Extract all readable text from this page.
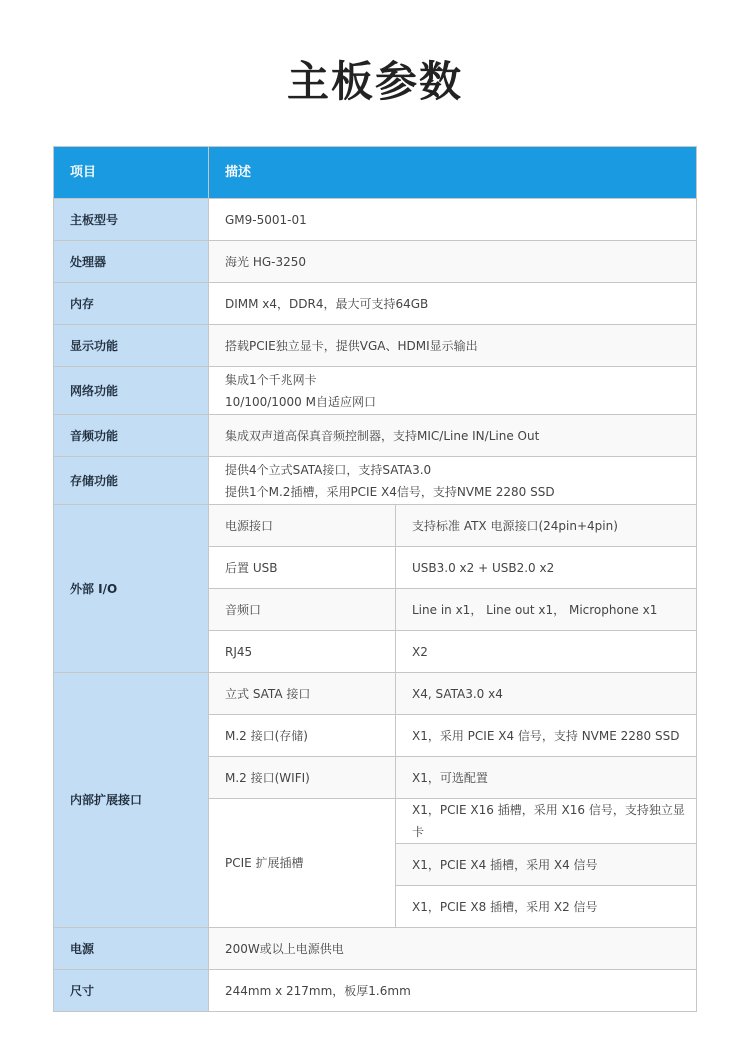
主板参数
项目	描述	
主板型号	GM9-5001-01	
处理器	海光 HG-3250	
内存	DIMM x4，DDR4，最大可支持64GB	
显示功能	搭载PCIE独立显卡，提供VGA、HDMI显示输出	
网络功能	集成1个千兆网卡
10/100/1000 M自适应网口	

音频功能	集成双声道高保真音频控制器，支持MIC/Line IN/Line Out	
存储功能	提供4个立式SATA接口，支持SATA3.0
提供1个M.2插槽，采用PCIE X4信号，支持NVME 2280 SSD	

外部 I/O	电源接口	支持标准 ATX 电源接口(24pin+4pin)
	后置 USB	USB3.0 x2 + USB2.0 x2
	音频口	Line in x1， Line out x1， Microphone x1
	RJ45	X2
内部扩展接口	立式 SATA 接口	X4, SATA3.0 x4
	M.2 接口(存储)	X1，采用 PCIE X4 信号，支持 NVME 2280 SSD
	M.2 接口(WIFI)	X1，可选配置
	PCIE 扩展插槽	X1，PCIE X16 插槽，采用 X16 信号，支持独立显卡
		X1，PCIE X4 插槽，采用 X4 信号
		X1，PCIE X8 插槽，采用 X2 信号
电源	200W或以上电源供电	
尺寸	244mm x 217mm，板厚1.6mm	
